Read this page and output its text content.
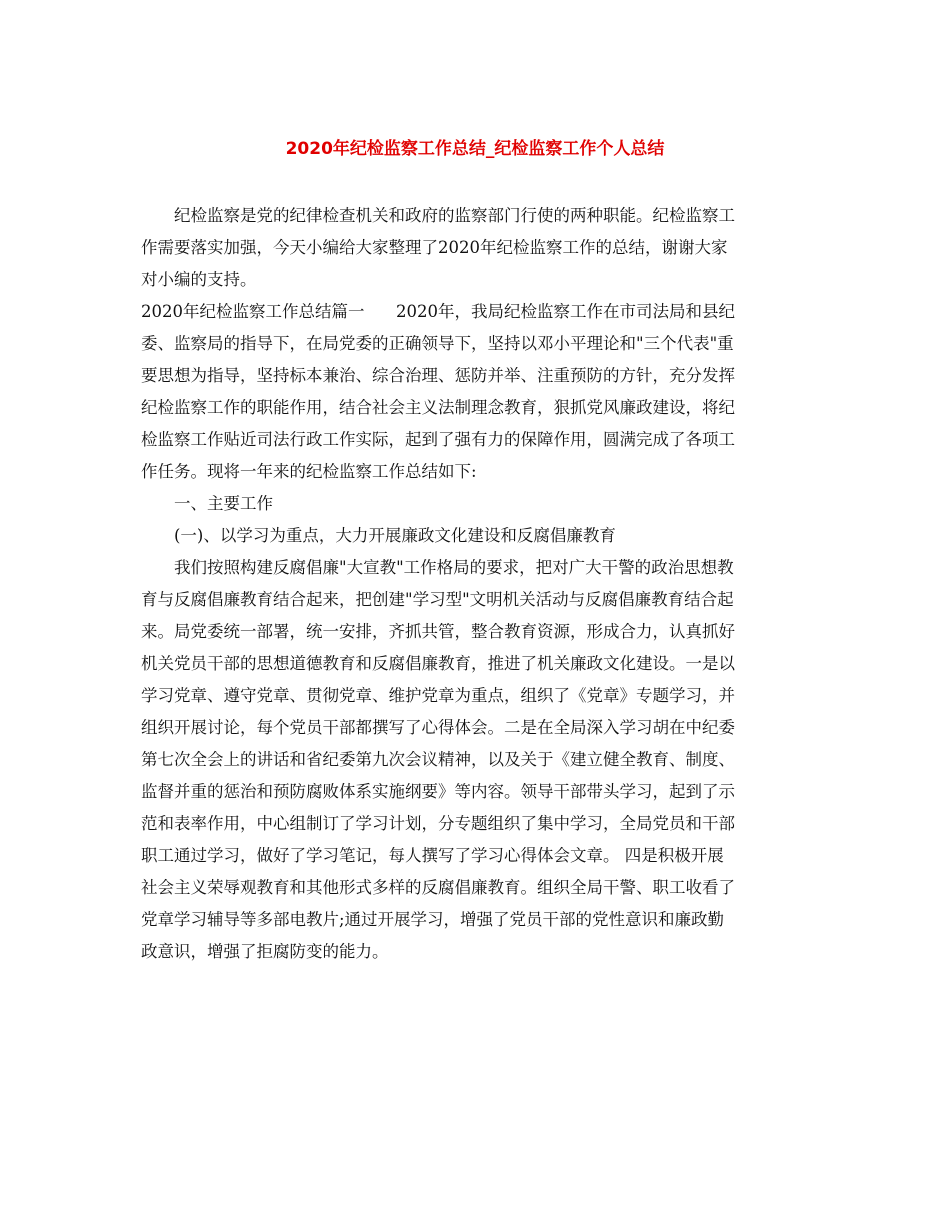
2020年纪检监察工作总结_纪检监察工作个人总结
纪检监察是党的纪律检查机关和政府的监察部门行使的两种职能。纪检监察工
作需要落实加强，今天小编给大家整理了2020年纪检监察工作的总结，谢谢大家
对小编的支持。
2020年纪检监察工作总结篇一      2020年，我局纪检监察工作在市司法局和县纪
委、监察局的指导下，在局党委的正确领导下，坚持以邓小平理论和"三个代表"重
要思想为指导，坚持标本兼治、综合治理、惩防并举、注重预防的方针，充分发挥
纪检监察工作的职能作用，结合社会主义法制理念教育，狠抓党风廉政建设，将纪
检监察工作贴近司法行政工作实际，起到了强有力的保障作用，圆满完成了各项工
作任务。现将一年来的纪检监察工作总结如下:
一、主要工作
(一)、以学习为重点，大力开展廉政文化建设和反腐倡廉教育
我们按照构建反腐倡廉"大宣教"工作格局的要求，把对广大干警的政治思想教
育与反腐倡廉教育结合起来，把创建"学习型"文明机关活动与反腐倡廉教育结合起
来。局党委统一部署，统一安排，齐抓共管，整合教育资源，形成合力，认真抓好
机关党员干部的思想道德教育和反腐倡廉教育，推进了机关廉政文化建设。一是以
学习党章、遵守党章、贯彻党章、维护党章为重点，组织了《党章》专题学习，并
组织开展讨论，每个党员干部都撰写了心得体会。二是在全局深入学习胡在中纪委
第七次全会上的讲话和省纪委第九次会议精神，以及关于《建立健全教育、制度、
监督并重的惩治和预防腐败体系实施纲要》等内容。领导干部带头学习，起到了示
范和表率作用，中心组制订了学习计划，分专题组织了集中学习，全局党员和干部
职工通过学习，做好了学习笔记，每人撰写了学习心得体会文章。 四是积极开展
社会主义荣辱观教育和其他形式多样的反腐倡廉教育。组织全局干警、职工收看了
党章学习辅导等多部电教片;通过开展学习，增强了党员干部的党性意识和廉政勤
政意识，增强了拒腐防变的能力。
